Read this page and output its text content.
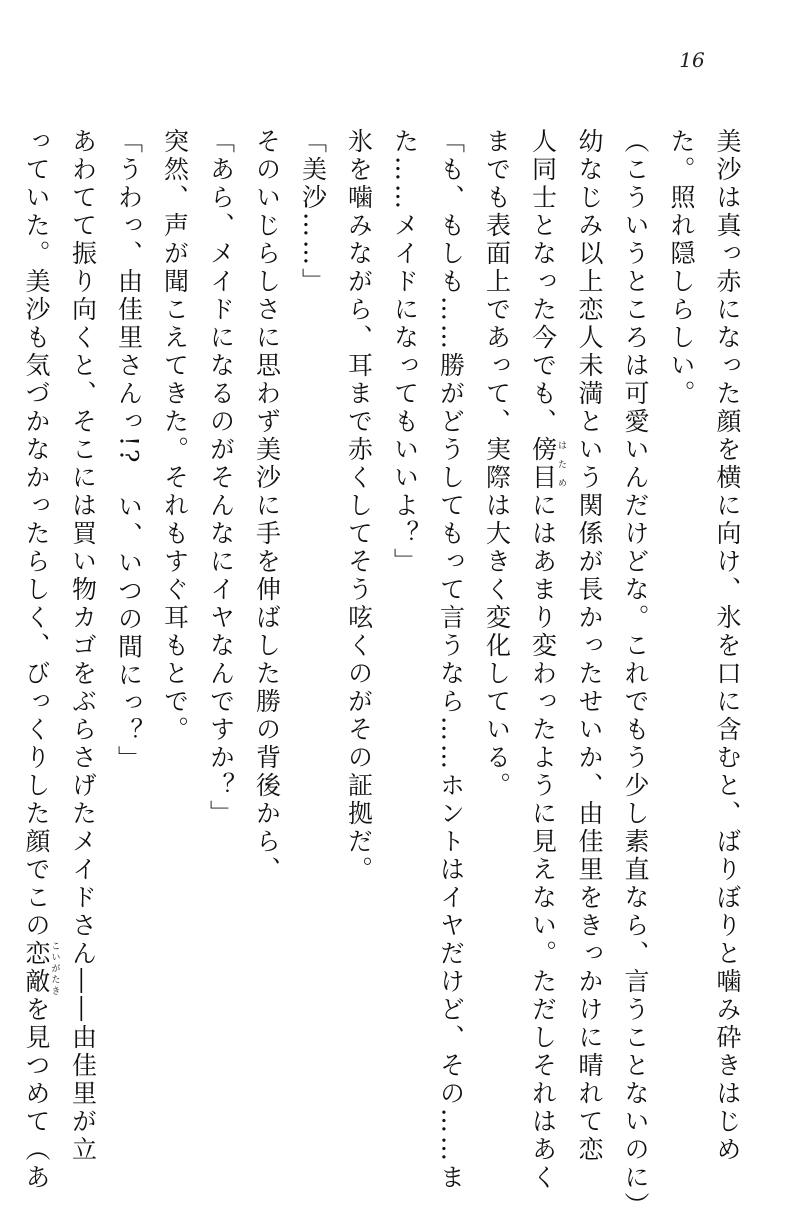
16
美沙は真っ赤になった顔を横に向け、氷を口に含むと、ばりぼりと噛み砕きはじめ
た。照れ隠しらしい。
（こういうところは可愛いんだけどな。これでもう少し素直なら、言うことないのに）
幼なじみ以上恋人未満という関係が長かったせいか、由佳里をきっかけに晴れて恋
人同士となった今でも、傍目はためにはあまり変わったように見えない。ただしそれはあく
までも表面上であって、実際は大きく変化している。
「も、もしも……勝がどうしてもって言うなら……ホントはイヤだけど、その……ま
た……メイドになってもいいよ？」
氷を噛みながら、耳まで赤くしてそう呟くのがその証拠だ。
「美沙……」
そのいじらしさに思わず美沙に手を伸ばした勝の背後から、
「あら、メイドになるのがそんなにイヤなんですか？」
突然、声が聞こえてきた。それもすぐ耳もとで。
「うわっ、由佳里さんっ!?　い、いつの間にっ？」
あわてて振り向くと、そこには買い物カゴをぶらさげたメイドさん――由佳里が立
っていた。美沙も気づかなかったらしく、びっくりした顔でこの恋敵こいがたきを見つめて（あ
